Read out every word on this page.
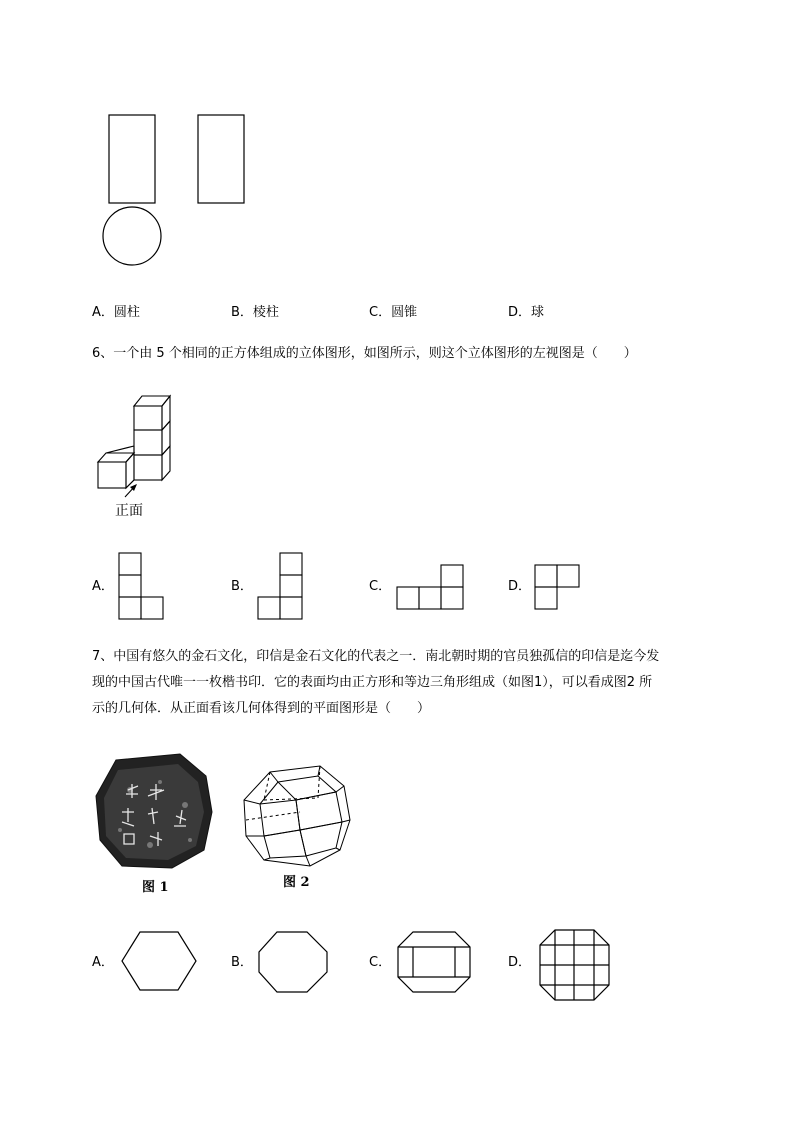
A．圆柱	B．棱柱	C．圆锥	D．球
6、一个由 5 个相同的正方体组成的立体图形，如图所示，则这个立体图形的左视图是（　　）
正面
A．	B．	C．	D．
7、中国有悠久的金石文化，印信是金石文化的代表之一．南北朝时期的官员独孤信的印信是迄今发
现的中国古代唯一一枚楷书印．它的表面均由正方形和等边三角形组成（如图1），可以看成图2 所
示的几何体．从正面看该几何体得到的平面图形是（　　）
图 1	图 2
A．	B．	C．	D．
